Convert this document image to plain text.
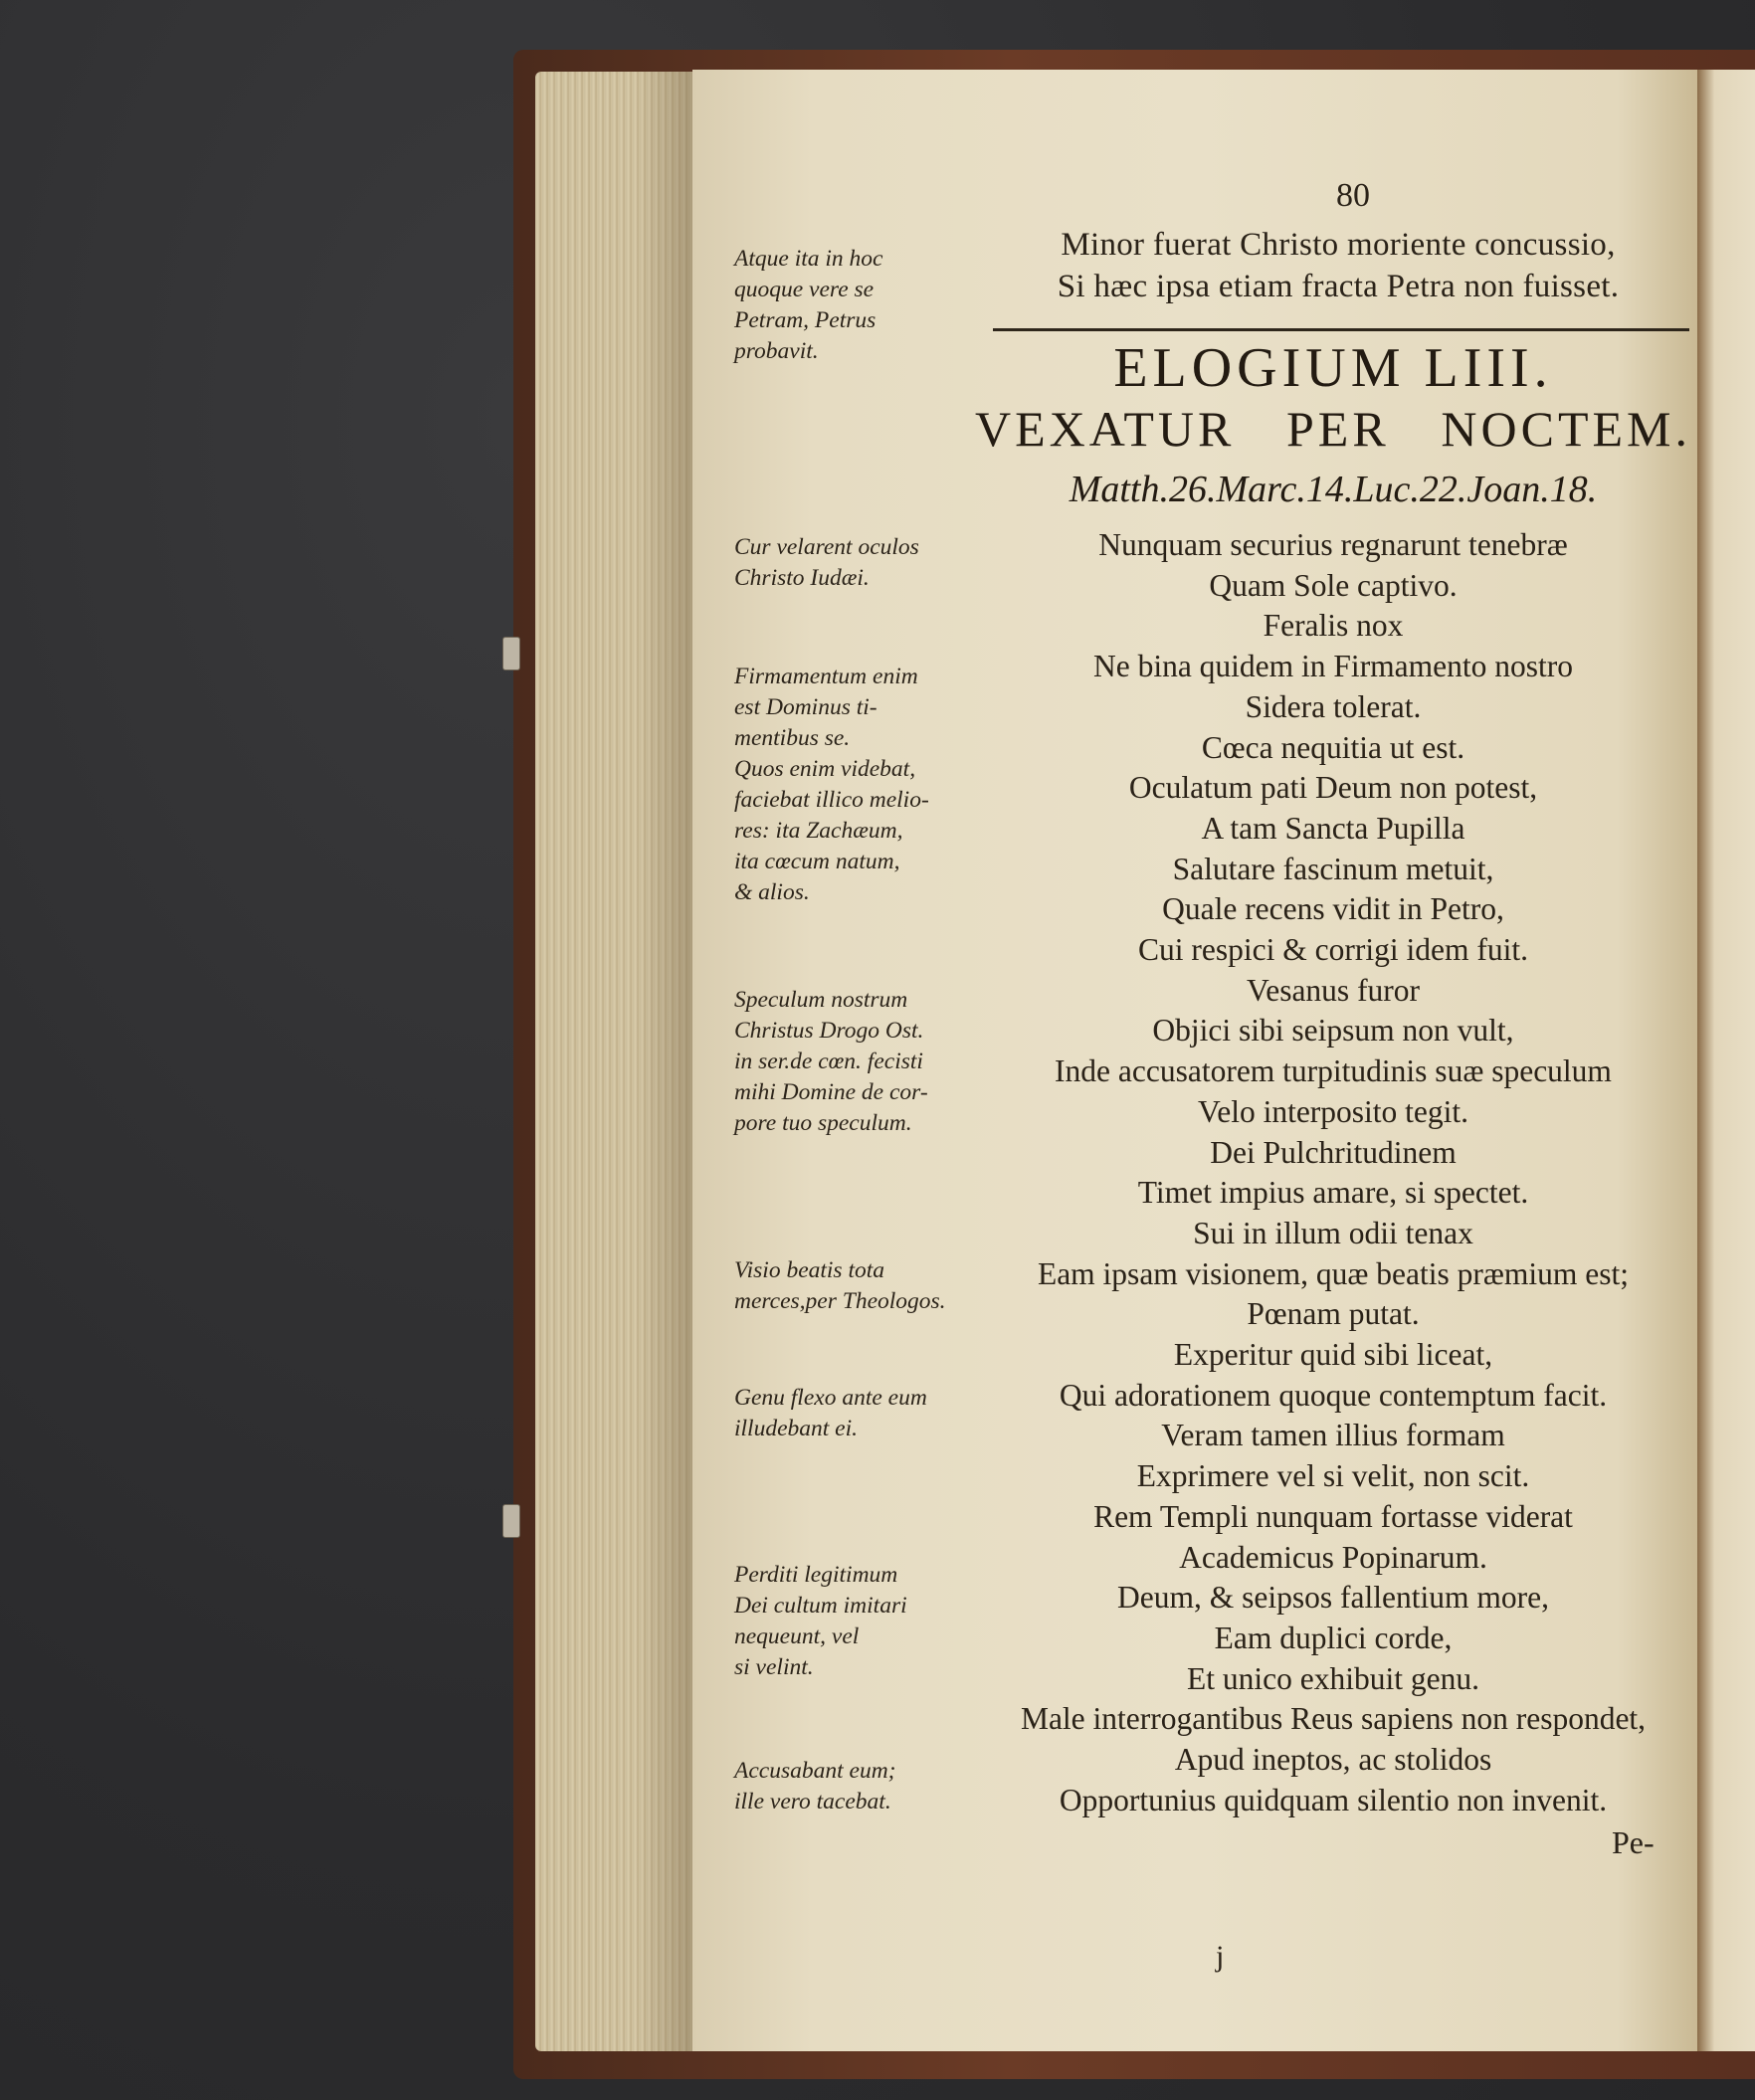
80
Minor fuerat Christo moriente concussio,
Si hæc ipsa etiam fracta Petra non fuisset.
ELOGIUM LIII.
VEXATUR PER NOCTEM.
Matth.26.Marc.14.Luc.22.Joan.18.
Nunquam securius regnarunt tenebræ
Quam Sole captivo.
Feralis nox
Ne bina quidem in Firmamento nostro
Sidera tolerat.
Cœca nequitia ut est.
Oculatum pati Deum non potest,
A tam Sancta Pupilla
Salutare fascinum metuit,
Quale recens vidit in Petro,
Cui respici & corrigi idem fuit.
Vesanus furor
Objici sibi seipsum non vult,
Inde accusatorem turpitudinis suæ speculum
Velo interposito tegit.
Dei Pulchritudinem
Timet impius amare, si spectet.
Sui in illum odii tenax
Eam ipsam visionem, quæ beatis præmium est;
Pœnam putat.
Experitur quid sibi liceat,
Qui adorationem quoque contemptum facit.
Veram tamen illius formam
Exprimere vel si velit, non scit.
Rem Templi nunquam fortasse viderat
Academicus Popinarum.
Deum, & seipsos fallentium more,
Eam duplici corde,
Et unico exhibuit genu.
Male interrogantibus Reus sapiens non respondet,
Apud ineptos, ac stolidos
Opportunius quidquam silentio non invenit.
Atque ita in hoc
quoque vere se
Petram, Petrus
probavit.
Cur velarent oculos
Christo Iudæi.
Firmamentum enim
est Dominus ti-
mentibus se.
Quos enim videbat,
faciebat illico melio-
res: ita Zachæum,
ita cœcum natum,
& alios.
Speculum nostrum
Christus Drogo Ost.
in ser.de cœn. fecisti
mihi Domine de cor-
pore tuo speculum.
Visio beatis tota
merces,per Theologos.
Genu flexo ante eum
illudebant ei.
Perditi legitimum
Dei cultum imitari
nequeunt, vel
si velint.
Accusabant eum;
ille vero tacebat.
Pe-
j
